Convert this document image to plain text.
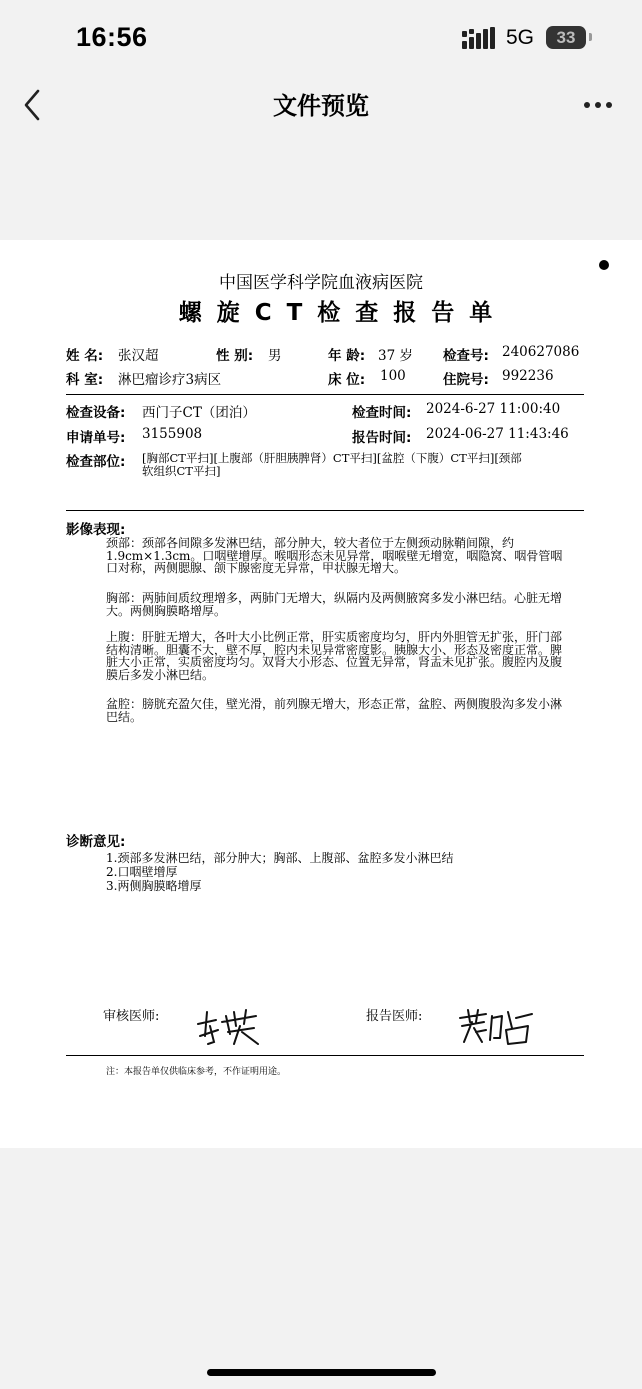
16:56	5G	33
文件预览
中国医学科学院血液病医院
螺旋CT检查报告单
姓 名: 张汉超	性 别: 男	年 龄: 37 岁 检查号: 240627086
科 室: 淋巴瘤诊疗3病区	床 位: 100	住院号: 992236
检查设备: 西门子CT（团泊）	检查时间: 2024-6-27 11:00:40
申请单号: 3155908	报告时间: 2024-06-27 11:43:46
检查部位: [胸部CT平扫][上腹部（肝胆胰脾肾）CT平扫][盆腔（下腹）CT平扫][颈部
软组织CT平扫]
影像表现:
颈部：颈部各间隙多发淋巴结，部分肿大，较大者位于左侧颈动脉鞘间隙，约1.9cm×1.3cm。口咽壁增厚。喉咽形态未见异常，咽喉壁无增宽，咽隐窝、咽骨管咽口对称，两侧腮腺、颌下腺密度无异常，甲状腺无增大。
胸部：两肺间质纹理增多，两肺门无增大，纵隔内及两侧腋窝多发小淋巴结。心脏无增大。两侧胸膜略增厚。
上腹：肝脏无增大，各叶大小比例正常，肝实质密度均匀，肝内外胆管无扩张，肝门部结构清晰。胆囊不大，壁不厚，腔内未见异常密度影。胰腺大小、形态及密度正常。脾脏大小正常，实质密度均匀。双肾大小形态、位置无异常，肾盂未见扩张。腹腔内及腹膜后多发小淋巴结。
盆腔：膀胱充盈欠佳，壁光滑，前列腺无增大，形态正常，盆腔、两侧腹股沟多发小淋巴结。
诊断意见:
1.颈部多发淋巴结，部分肿大；胸部、上腹部、盆腔多发小淋巴结
2.口咽壁增厚
3.两侧胸膜略增厚
审核医师:	报告医师:
注：本报告单仅供临床参考，不作证明用途。
